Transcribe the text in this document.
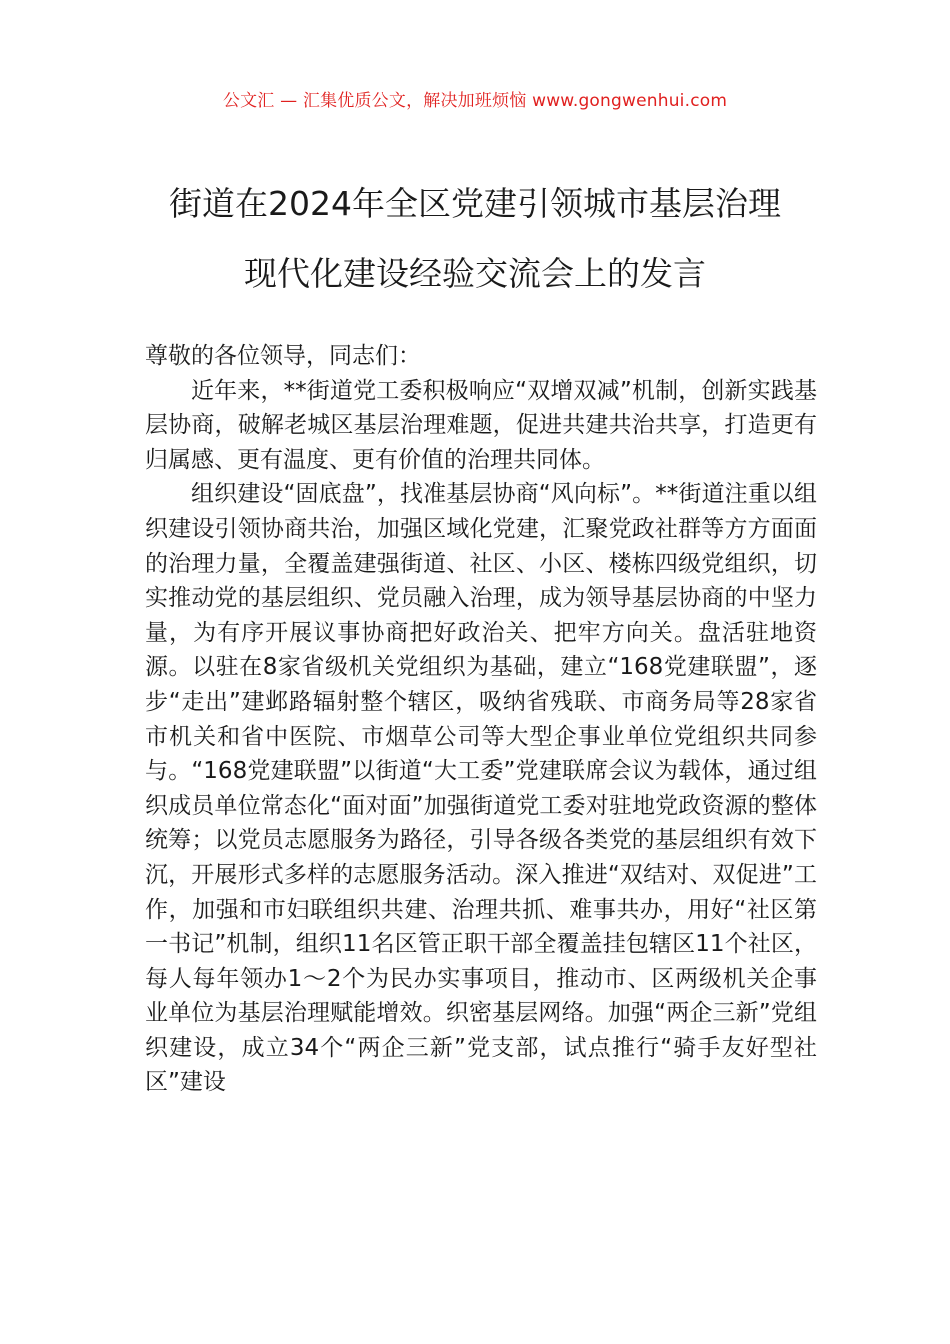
公文汇 — 汇集优质公文，解决加班烦恼 www.gongwenhui.com
街道在2024年全区党建引领城市基层治理
现代化建设经验交流会上的发言

尊敬的各位领导，同志们：

近年来，**街道党工委积极响应“双增双减”机制，创新实践基层协商，破解老城区基层治理难题，促进共建共治共享，打造更有归属感、更有温度、更有价值的治理共同体。

组织建设“固底盘”，找准基层协商“风向标”。**街道注重以组织建设引领协商共治，加强区域化党建，汇聚党政社群等方方面面的治理力量，全覆盖建强街道、社区、小区、楼栋四级党组织，切实推动党的基层组织、党员融入治理，成为领导基层协商的中坚力量，为有序开展议事协商把好政治关、把牢方向关。盘活驻地资源。以驻在8家省级机关党组织为基础，建立“168党建联盟”，逐步“走出”建邺路辐射整个辖区，吸纳省残联、市商务局等28家省市机关和省中医院、市烟草公司等大型企事业单位党组织共同参与。“168党建联盟”以街道“大工委”党建联席会议为载体，通过组织成员单位常态化“面对面”加强街道党工委对驻地党政资源的整体统筹；以党员志愿服务为路径，引导各级各类党的基层组织有效下沉，开展形式多样的志愿服务活动。深入推进“双结对、双促进”工作，加强和市妇联组织共建、治理共抓、难事共办，用好“社区第一书记”机制，组织11名区管正职干部全覆盖挂包辖区11个社区，每人每年领办1～2个为民办实事项目，推动市、区两级机关企事业单位为基层治理赋能增效。织密基层网络。加强“两企三新”党组织建设，成立34个“两企三新”党支部，试点推行“骑手友好型社区”建设
